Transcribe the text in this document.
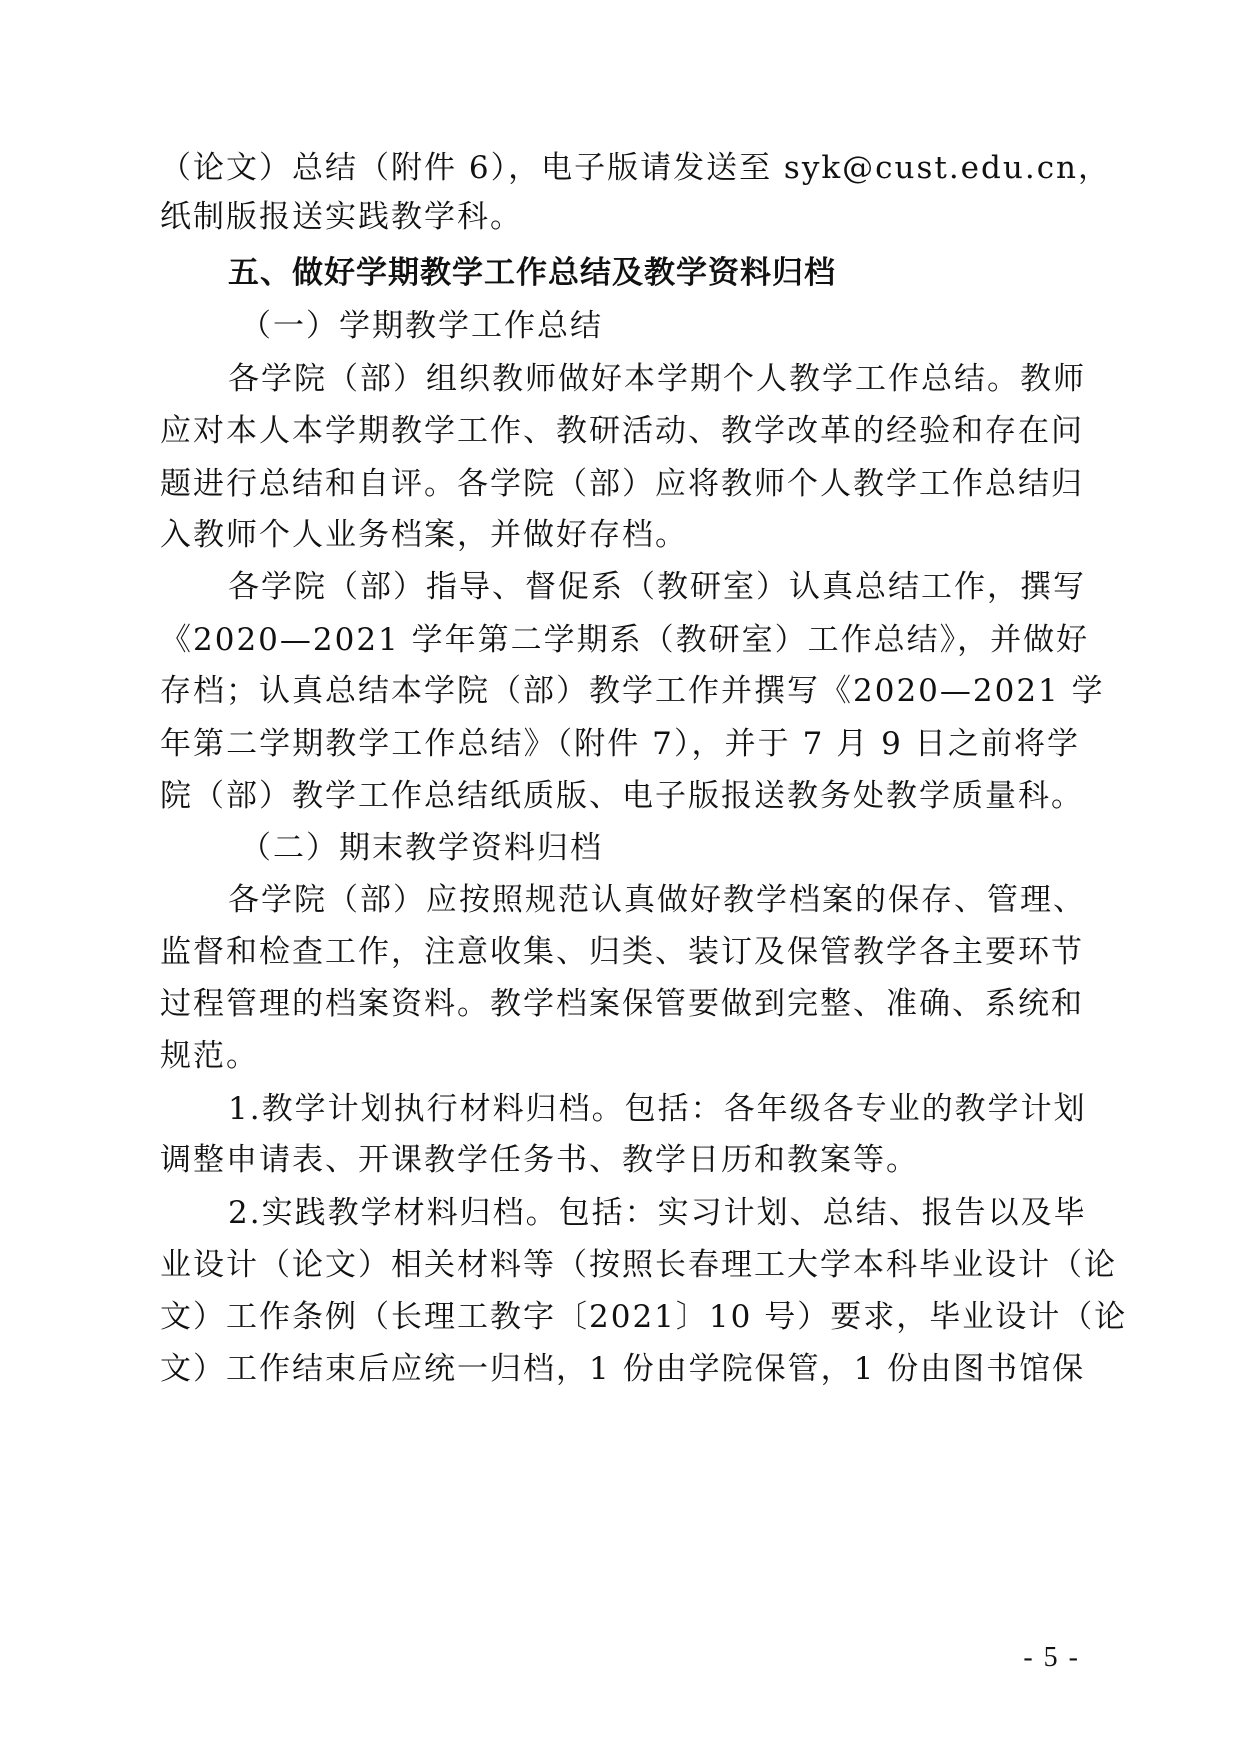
（论文）总结（附件 6），电子版请发送至 syk@cust.edu.cn，
纸制版报送实践教学科。
五、做好学期教学工作总结及教学资料归档
（一）学期教学工作总结
各学院（部）组织教师做好本学期个人教学工作总结。教师
应对本人本学期教学工作、教研活动、教学改革的经验和存在问
题进行总结和自评。各学院（部）应将教师个人教学工作总结归
入教师个人业务档案，并做好存档。
各学院（部）指导、督促系（教研室）认真总结工作，撰写
《2020—2021 学年第二学期系（教研室）工作总结》，并做好
存档；认真总结本学院（部）教学工作并撰写《2020—2021 学
年第二学期教学工作总结》（附件 7），并于 7 月 9 日之前将学
院（部）教学工作总结纸质版、电子版报送教务处教学质量科。
（二）期末教学资料归档
各学院（部）应按照规范认真做好教学档案的保存、管理、
监督和检查工作，注意收集、归类、装订及保管教学各主要环节
过程管理的档案资料。教学档案保管要做到完整、准确、系统和
规范。
1.教学计划执行材料归档。包括：各年级各专业的教学计划
调整申请表、开课教学任务书、教学日历和教案等。
2.实践教学材料归档。包括：实习计划、总结、报告以及毕
业设计（论文）相关材料等（按照长春理工大学本科毕业设计（论
文）工作条例（长理工教字〔2021〕10 号）要求，毕业设计（论
文）工作结束后应统一归档，1 份由学院保管，1 份由图书馆保
- 5 -
